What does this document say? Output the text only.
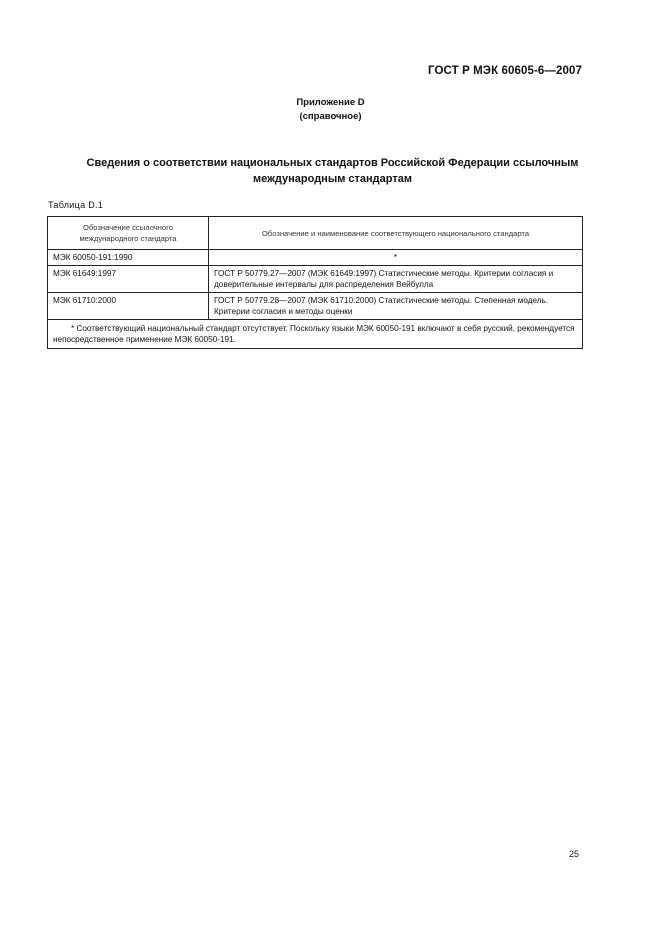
ГОСТ Р МЭК 60605-6—2007
Приложение D
(справочное)
Сведения о соответствии национальных стандартов Российской Федерации ссылочным международным стандартам
Таблица D.1
Обозначение ссылочного международного стандарта	Обозначение и наименование соответствующего национального стандарта
МЭК 60050-191:1990	*
МЭК 61649:1997	ГОСТ Р 50779.27—2007 (МЭК 61649:1997) Статистические методы. Критерии согласия и доверительные интервалы для распределения Вейбулла
МЭК 61710:2000	ГОСТ Р 50779.28—2007 (МЭК 61710:2000) Статистические методы. Степенная модель. Критерии согласия и методы оценки
* Соответствующий национальный стандарт отсутствует. Поскольку языки МЭК 60050-191 включают в себя русский, рекомендуется непосредственное применение МЭК 60050-191.	
25
